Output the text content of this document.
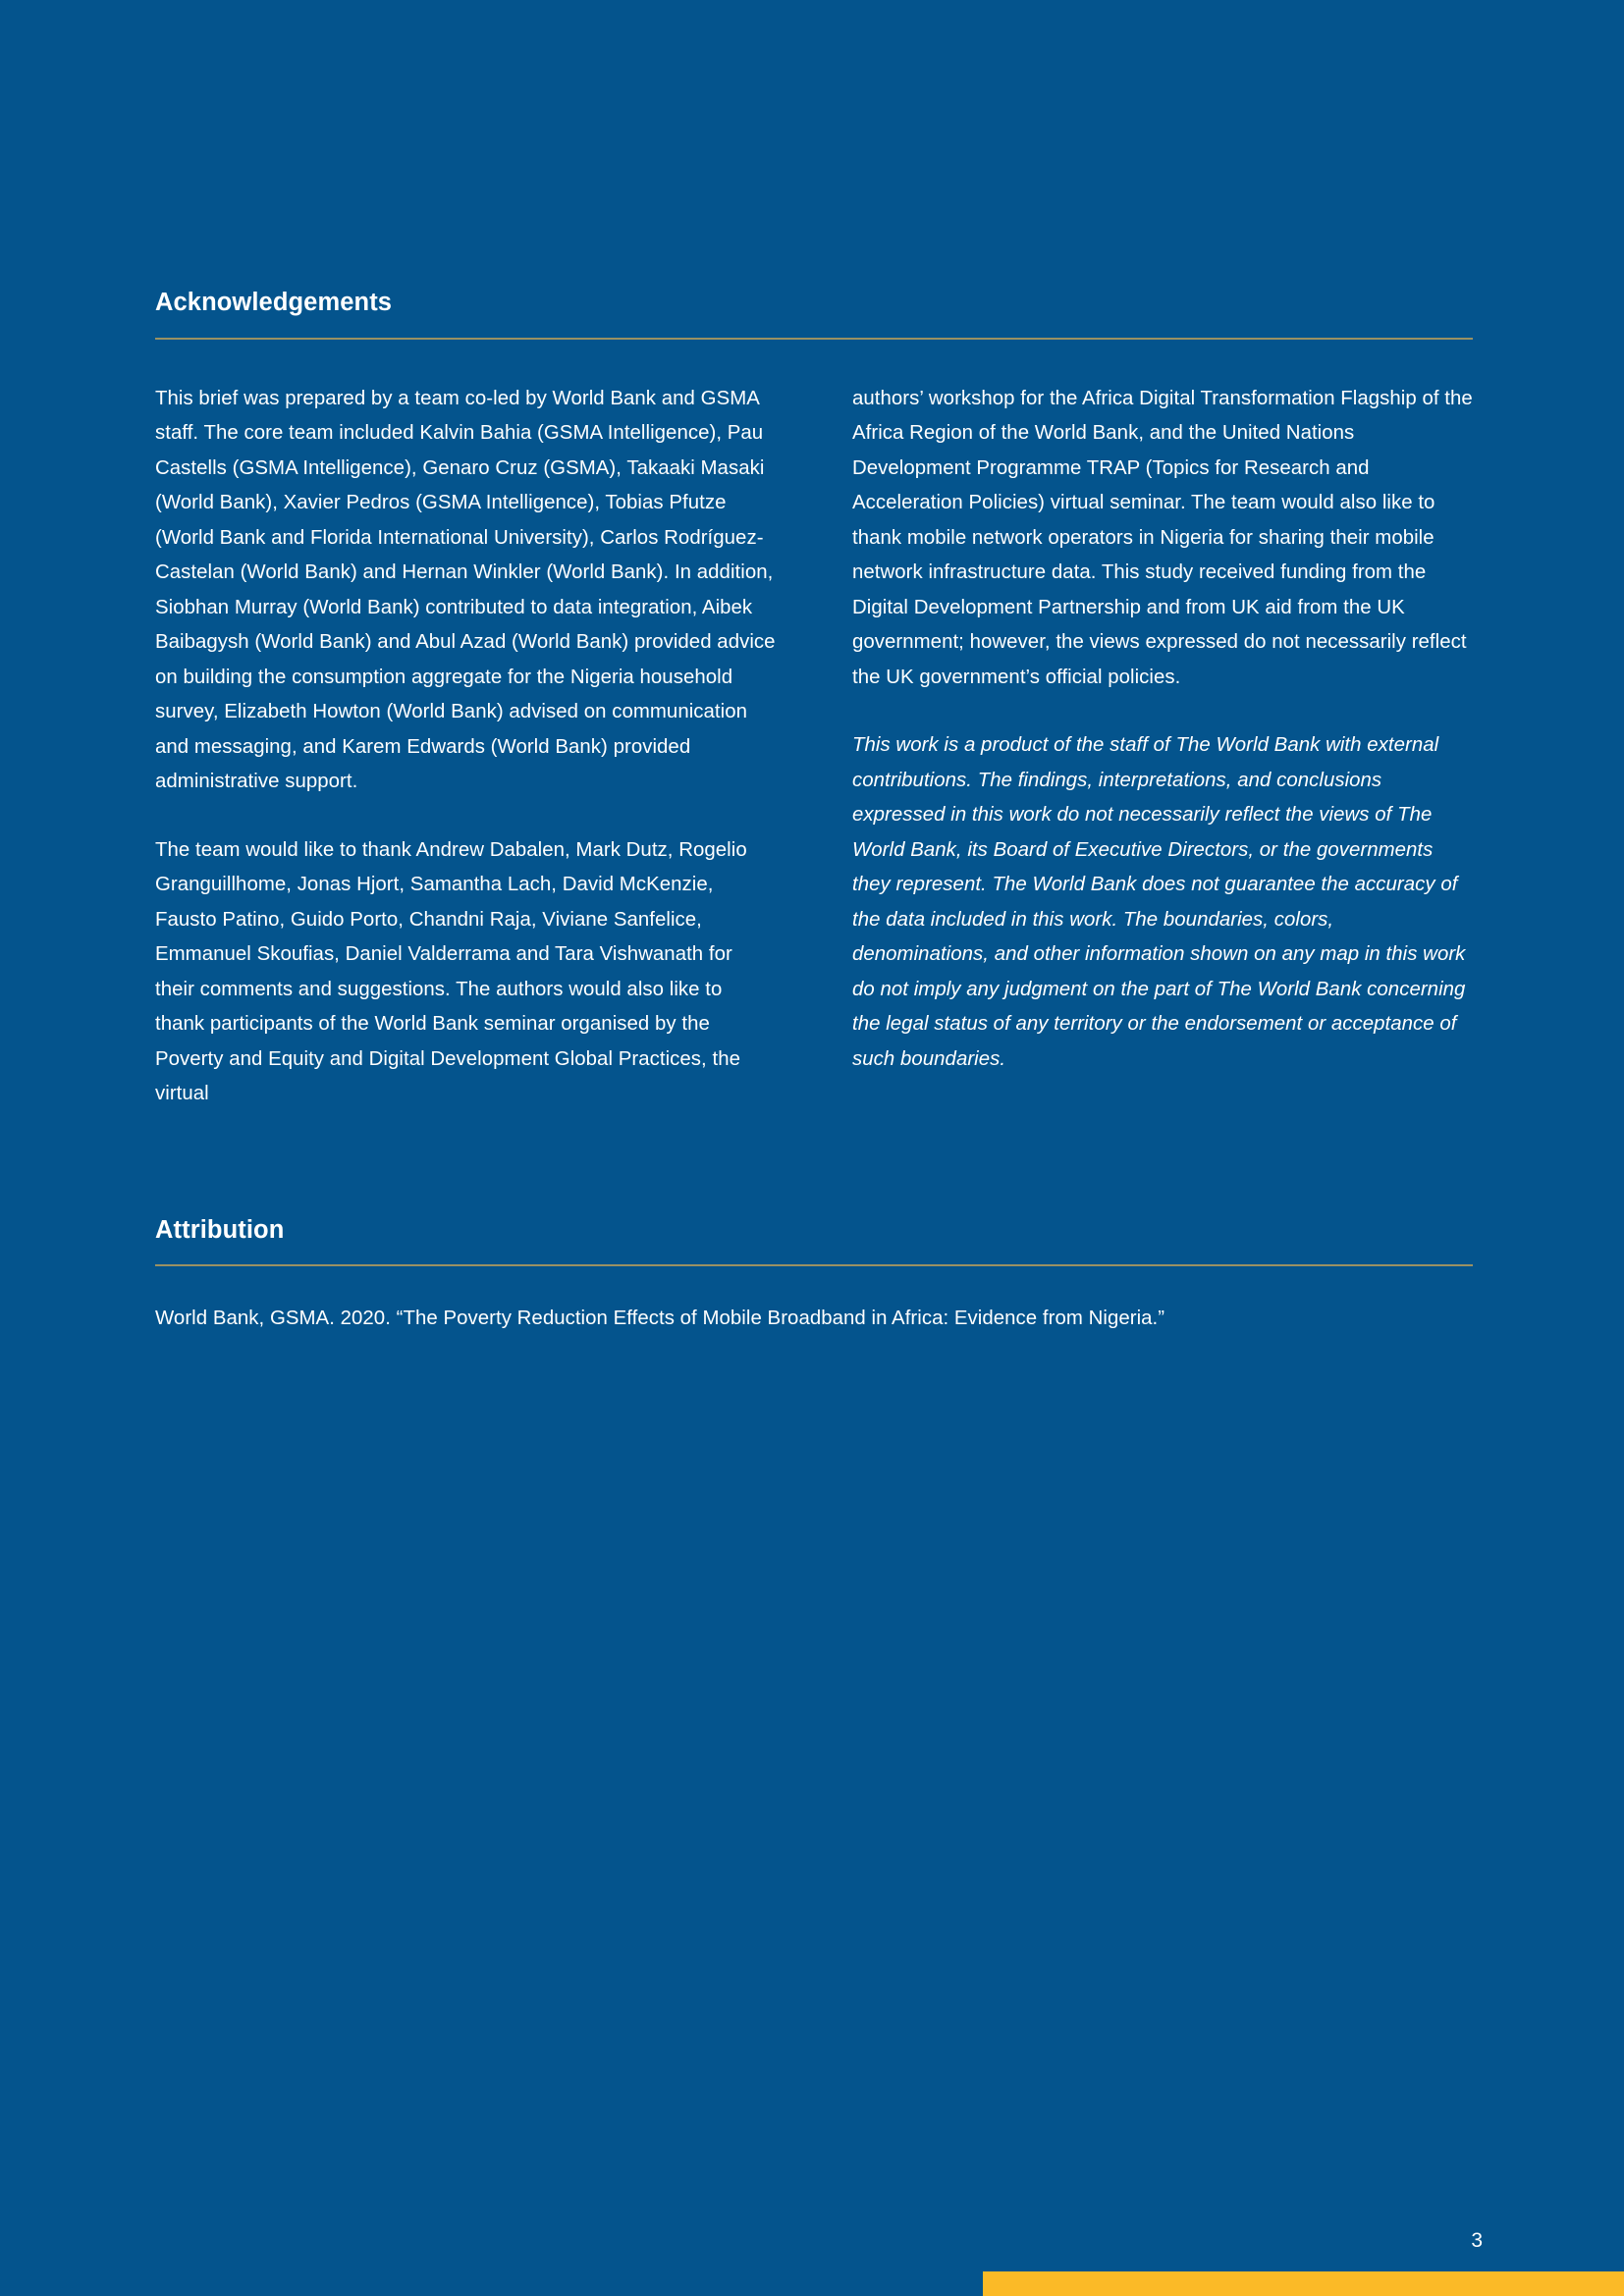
Acknowledgements

This brief was prepared by a team co-led by World Bank and GSMA staff. The core team included Kalvin Bahia (GSMA Intelligence), Pau Castells (GSMA Intelligence), Genaro Cruz (GSMA), Takaaki Masaki (World Bank), Xavier Pedros (GSMA Intelligence), Tobias Pfutze (World Bank and Florida International University), Carlos Rodríguez-Castelan (World Bank) and Hernan Winkler (World Bank). In addition, Siobhan Murray (World Bank) contributed to data integration, Aibek Baibagysh (World Bank) and Abul Azad (World Bank) provided advice on building the consumption aggregate for the Nigeria household survey, Elizabeth Howton (World Bank) advised on communication and messaging, and Karem Edwards (World Bank) provided administrative support.

The team would like to thank Andrew Dabalen, Mark Dutz, Rogelio Granguillhome, Jonas Hjort, Samantha Lach, David McKenzie, Fausto Patino, Guido Porto, Chandni Raja, Viviane Sanfelice, Emmanuel Skoufias, Daniel Valderrama and Tara Vishwanath for their comments and suggestions. The authors would also like to thank participants of the World Bank seminar organised by the Poverty and Equity and Digital Development Global Practices, the virtual

authors’ workshop for the Africa Digital Transformation Flagship of the Africa Region of the World Bank, and the United Nations Development Programme TRAP (Topics for Research and Acceleration Policies) virtual seminar. The team would also like to thank mobile network operators in Nigeria for sharing their mobile network infrastructure data. This study received funding from the Digital Development Partnership and from UK aid from the UK government; however, the views expressed do not necessarily reflect the UK government’s official policies.

This work is a product of the staff of The World Bank with external contributions. The findings, interpretations, and conclusions expressed in this work do not necessarily reflect the views of The World Bank, its Board of Executive Directors, or the governments they represent. The World Bank does not guarantee the accuracy of the data included in this work. The boundaries, colors, denominations, and other information shown on any map in this work do not imply any judgment on the part of The World Bank concerning the legal status of any territory or the endorsement or acceptance of such boundaries.

Attribution

World Bank, GSMA. 2020. “The Poverty Reduction Effects of Mobile Broadband in Africa: Evidence from Nigeria.”

3
